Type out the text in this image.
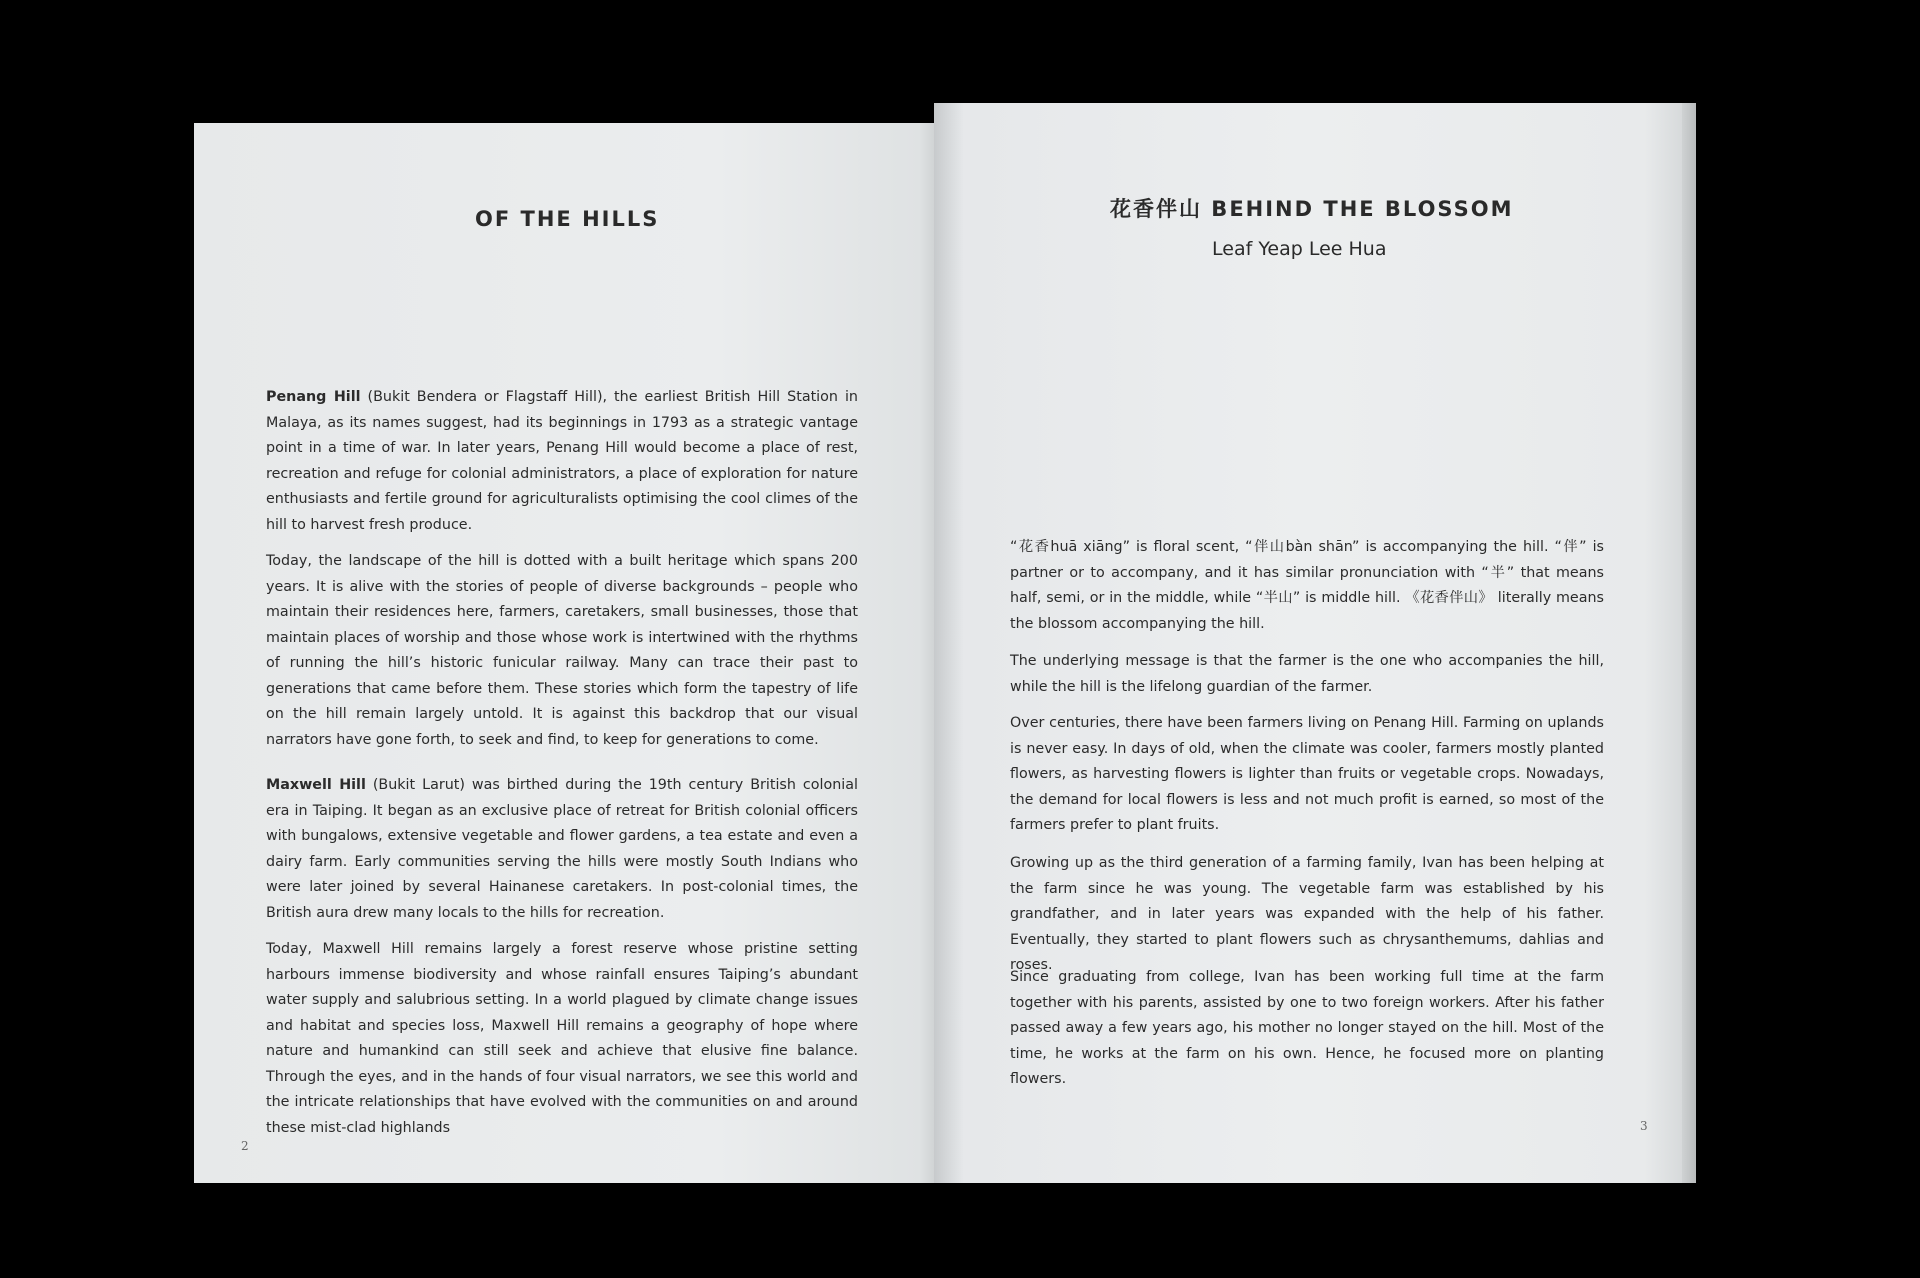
OF THE HILLS

Penang Hill (Bukit Bendera or Flagstaff Hill), the earliest British Hill Station in Malaya, as its names suggest, had its beginnings in 1793 as a strategic vantage point in a time of war. In later years, Penang Hill would become a place of rest, recreation and refuge for colonial administrators, a place of exploration for nature enthusiasts and fertile ground for agriculturalists optimising the cool climes of the hill to harvest fresh produce.

Today, the landscape of the hill is dotted with a built heritage which spans 200 years. It is alive with the stories of people of diverse backgrounds – people who maintain their residences here, farmers, caretakers, small businesses, those that maintain places of worship and those whose work is intertwined with the rhythms of running the hill’s historic funicular railway. Many can trace their past to generations that came before them. These stories which form the tapestry of life on the hill remain largely untold. It is against this backdrop that our visual narrators have gone forth, to seek and find, to keep for generations to come.

Maxwell Hill (Bukit Larut) was birthed during the 19th century British colonial era in Taiping. It began as an exclusive place of retreat for British colonial officers with bungalows, extensive vegetable and flower gardens, a tea estate and even a dairy farm. Early communities serving the hills were mostly South Indians who were later joined by several Hainanese caretakers. In post-colonial times, the British aura drew many locals to the hills for recreation.

Today, Maxwell Hill remains largely a forest reserve whose pristine setting harbours immense biodiversity and whose rainfall ensures Taiping’s abundant water supply and salubrious setting. In a world plagued by climate change issues and habitat and species loss, Maxwell Hill remains a geography of hope where nature and humankind can still seek and achieve that elusive fine balance. Through the eyes, and in the hands of four visual narrators, we see this world and the intricate relationships that have evolved with the communities on and around these mist-clad highlands

2
花香伴山 BEHIND THE BLOSSOM
Leaf Yeap Lee Hua

“花香huā xiāng” is floral scent, “伴山bàn shān” is accompanying the hill. “伴” is partner or to accompany, and it has similar pronunciation with “半” that means half, semi, or in the middle, while “半山” is middle hill. 《花香伴山》 literally means the blossom accompanying the hill.

The underlying message is that the farmer is the one who accompanies the hill, while the hill is the lifelong guardian of the farmer.

Over centuries, there have been farmers living on Penang Hill. Farming on uplands is never easy. In days of old, when the climate was cooler, farmers mostly planted flowers, as harvesting flowers is lighter than fruits or vegetable crops. Nowadays, the demand for local flowers is less and not much profit is earned, so most of the farmers prefer to plant fruits.

Growing up as the third generation of a farming family, Ivan has been helping at the farm since he was young. The vegetable farm was established by his grandfather, and in later years was expanded with the help of his father. Eventually, they started to plant flowers such as chrysanthemums, dahlias and roses.

Since graduating from college, Ivan has been working full time at the farm together with his parents, assisted by one to two foreign workers. After his father passed away a few years ago, his mother no longer stayed on the hill. Most of the time, he works at the farm on his own. Hence, he focused more on planting flowers.

3
